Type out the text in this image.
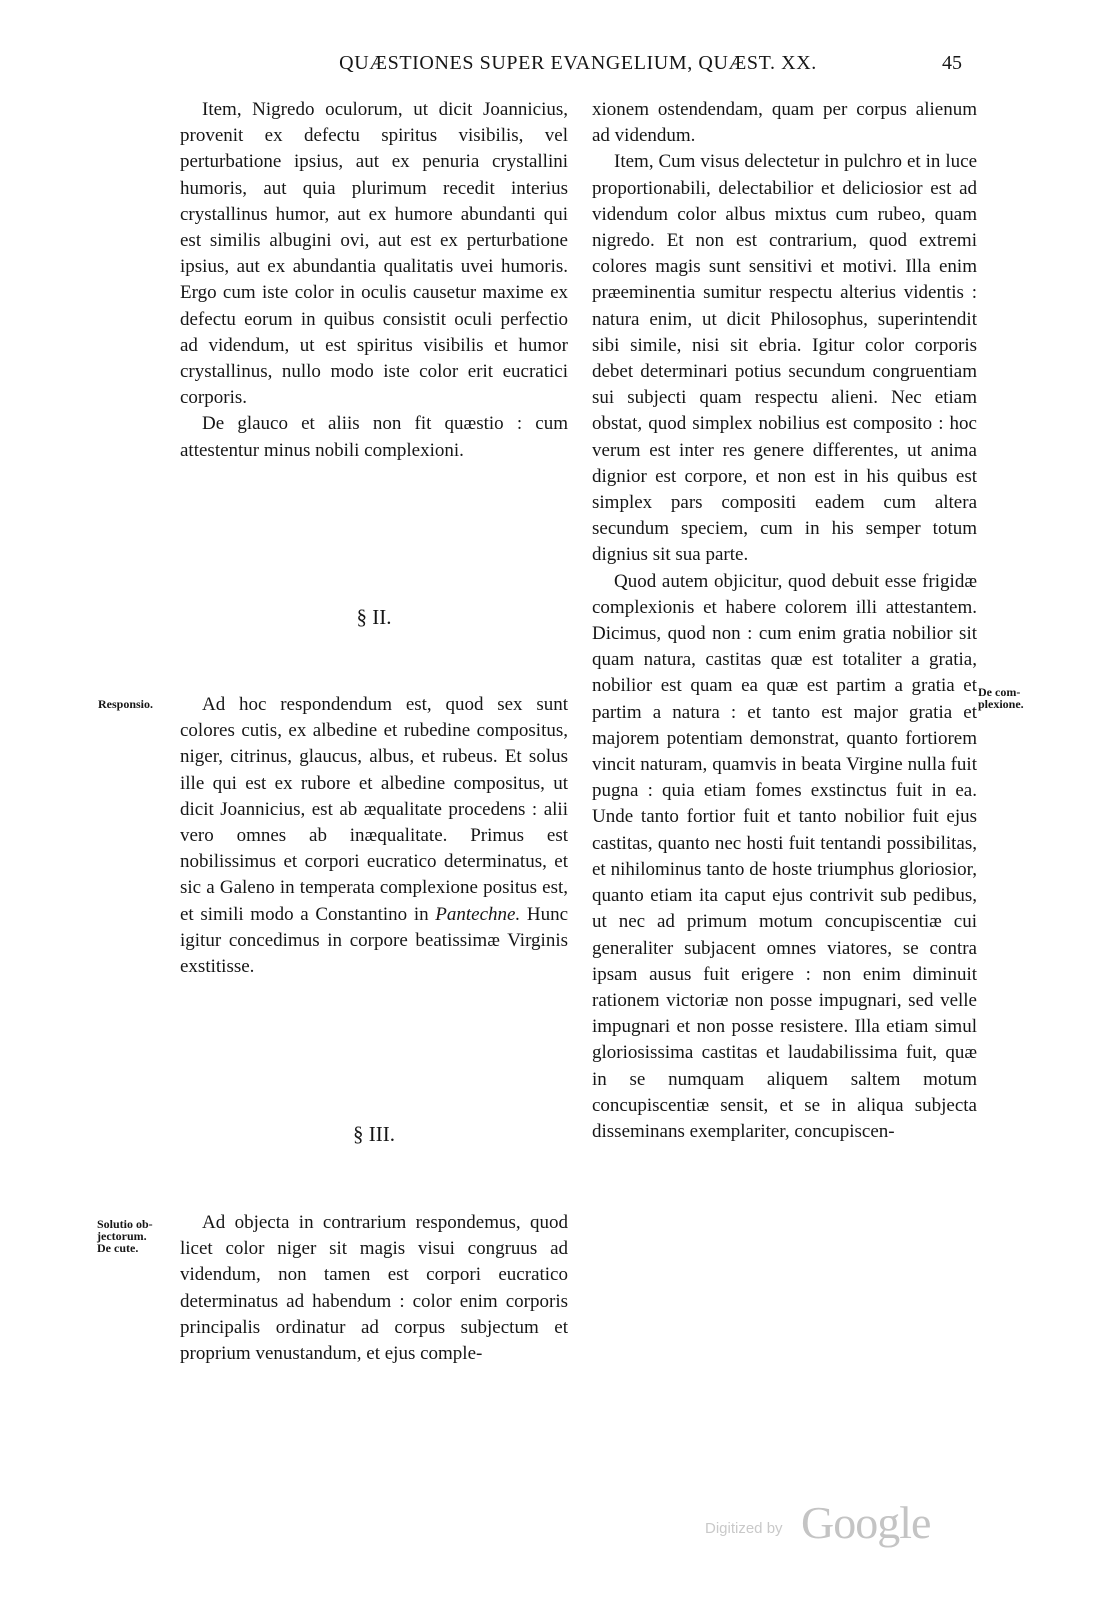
QUÆSTIONES SUPER EVANGELIUM, QUÆST. XX.	45

Item, Nigredo oculorum, ut dicit Joannicius, provenit ex defectu spiritus visibilis, vel perturbatione ipsius, aut ex penuria crystallini humoris, aut quia plurimum recedit interius crystallinus humor, aut ex humore abundanti qui est similis albugini ovi, aut est ex perturbatione ipsius, aut ex abundantia qualitatis uvei humoris. Ergo cum iste color in oculis causetur maxime ex defectu eorum in quibus consistit oculi perfectio ad videndum, ut est spiritus visibilis et humor crystallinus, nullo modo iste color erit eucratici corporis.

De glauco et aliis non fit quæstio : cum attestentur minus nobili complexioni.

§ II.

Ad hoc respondendum est, quod sex sunt colores cutis, ex albedine et rubedine compositus, niger, citrinus, glaucus, albus, et rubeus. Et solus ille qui est ex rubore et albedine compositus, ut dicit Joannicius, est ab æqualitate procedens : alii vero omnes ab inæqualitate. Primus est nobilissimus et corpori eucratico determinatus, et sic a Galeno in temperata complexione positus est, et simili modo a Constantino in Pantechne. Hunc igitur concedimus in corpore beatissimæ Virginis exstitisse.

§ III.

Ad objecta in contrarium respondemus, quod licet color niger sit magis visui congruus ad videndum, non tamen est corpori eucratico determinatus ad habendum : color enim corporis principalis ordinatur ad corpus subjectum et proprium venustandum, et ejus comple-

xionem ostendendam, quam per corpus alienum ad videndum.

Item, Cum visus delectetur in pulchro et in luce proportionabili, delectabilior et deliciosior est ad videndum color albus mixtus cum rubeo, quam nigredo. Et non est contrarium, quod extremi colores magis sunt sensitivi et motivi. Illa enim præeminentia sumitur respectu alterius videntis : natura enim, ut dicit Philosophus, superintendit sibi simile, nisi sit ebria. Igitur color corporis debet determinari potius secundum congruentiam sui subjecti quam respectu alieni. Nec etiam obstat, quod simplex nobilius est composito : hoc verum est inter res genere differentes, ut anima dignior est corpore, et non est in his quibus est simplex pars compositi eadem cum altera secundum speciem, cum in his semper totum dignius sit sua parte.

Quod autem objicitur, quod debuit esse frigidæ complexionis et habere colorem illi attestantem. Dicimus, quod non : cum enim gratia nobilior sit quam natura, castitas quæ est totaliter a gratia, nobilior est quam ea quæ est partim a gratia et partim a natura : et tanto est major gratia et majorem potentiam demonstrat, quanto fortiorem vincit naturam, quamvis in beata Virgine nulla fuit pugna : quia etiam fomes exstinctus fuit in ea. Unde tanto fortior fuit et tanto nobilior fuit ejus castitas, quanto nec hosti fuit tentandi possibilitas, et nihilominus tanto de hoste triumphus gloriosior, quanto etiam ita caput ejus contrivit sub pedibus, ut nec ad primum motum concupiscentiæ cui generaliter subjacent omnes viatores, se contra ipsam ausus fuit erigere : non enim diminuit rationem victoriæ non posse impugnari, sed velle impugnari et non posse resistere. Illa etiam simul gloriosissima castitas et laudabilissima fuit, quæ in se numquam aliquem saltem motum concupiscentiæ sensit, et se in aliqua subjecta disseminans exemplariter, concupiscen-

Responsio.
Solutio ob-
jectorum.
De cute.
De com-
plexione.
Digitized by Google
